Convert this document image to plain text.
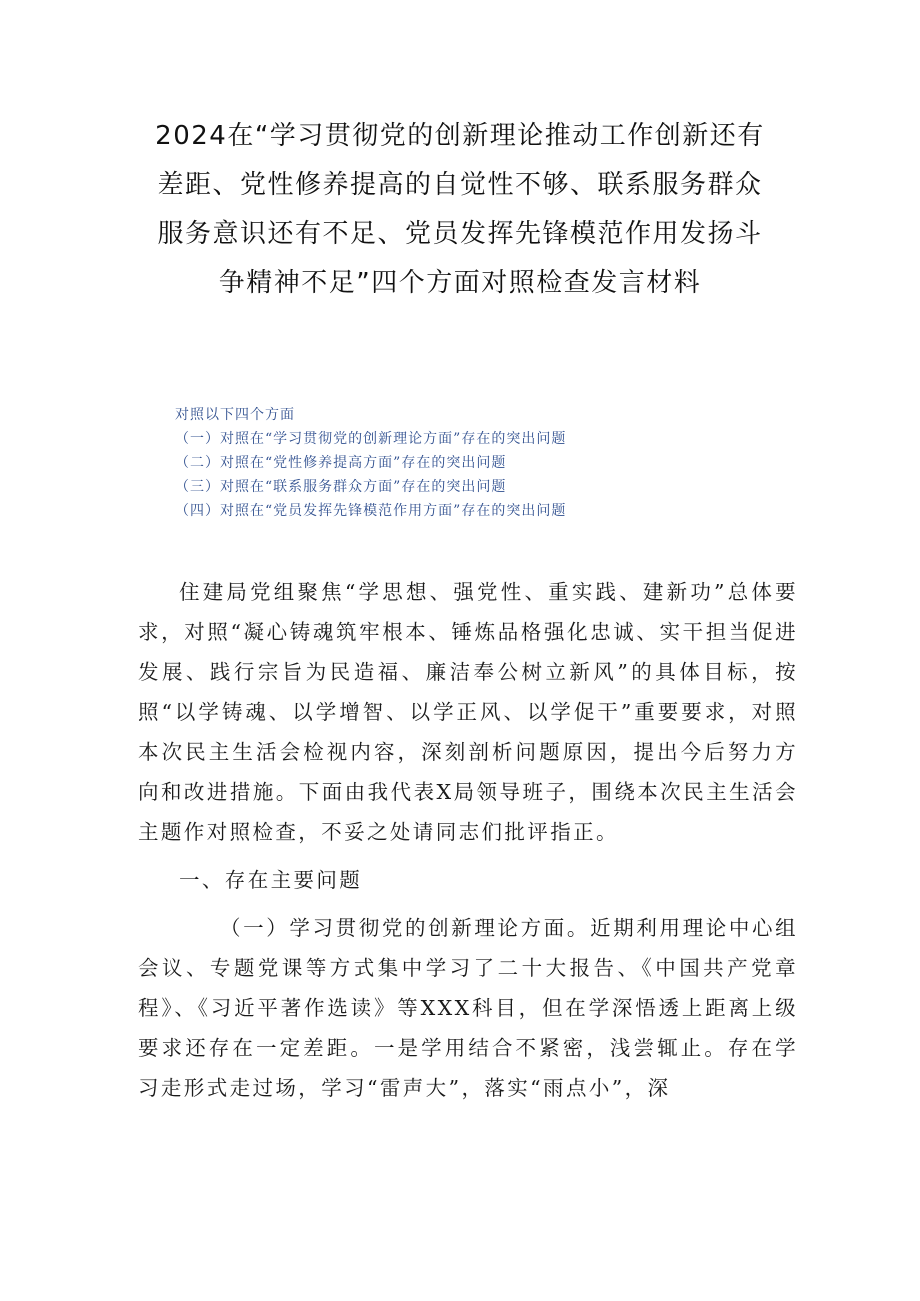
2024在“学习贯彻党的创新理论推动工作创新还有
差距、党性修养提高的自觉性不够、联系服务群众
服务意识还有不足、党员发挥先锋模范作用发扬斗
争精神不足”四个方面对照检查发言材料
对照以下四个方面
（一）对照在“学习贯彻党的创新理论方面”存在的突出问题
（二）对照在“党性修养提高方面”存在的突出问题
（三）对照在“联系服务群众方面”存在的突出问题
（四）对照在“党员发挥先锋模范作用方面”存在的突出问题

住建局党组聚焦“学思想、强党性、重实践、建新功”总体要求，对照“凝心铸魂筑牢根本、锤炼品格强化忠诚、实干担当促进发展、践行宗旨为民造福、廉洁奉公树立新风”的具体目标，按照“以学铸魂、以学增智、以学正风、以学促干”重要要求，对照本次民主生活会检视内容，深刻剖析问题原因，提出今后努力方向和改进措施。下面由我代表X局领导班子，围绕本次民主生活会主题作对照检查，不妥之处请同志们批评指正。

一、存在主要问题

（一）学习贯彻党的创新理论方面。近期利用理论中心组会议、专题党课等方式集中学习了二十大报告、《中国共产党章程》、《习近平著作选读》等XXX科目，但在学深悟透上距离上级要求还存在一定差距。一是学用结合不紧密，浅尝辄止。存在学习走形式走过场，学习“雷声大”，落实“雨点小”，深
